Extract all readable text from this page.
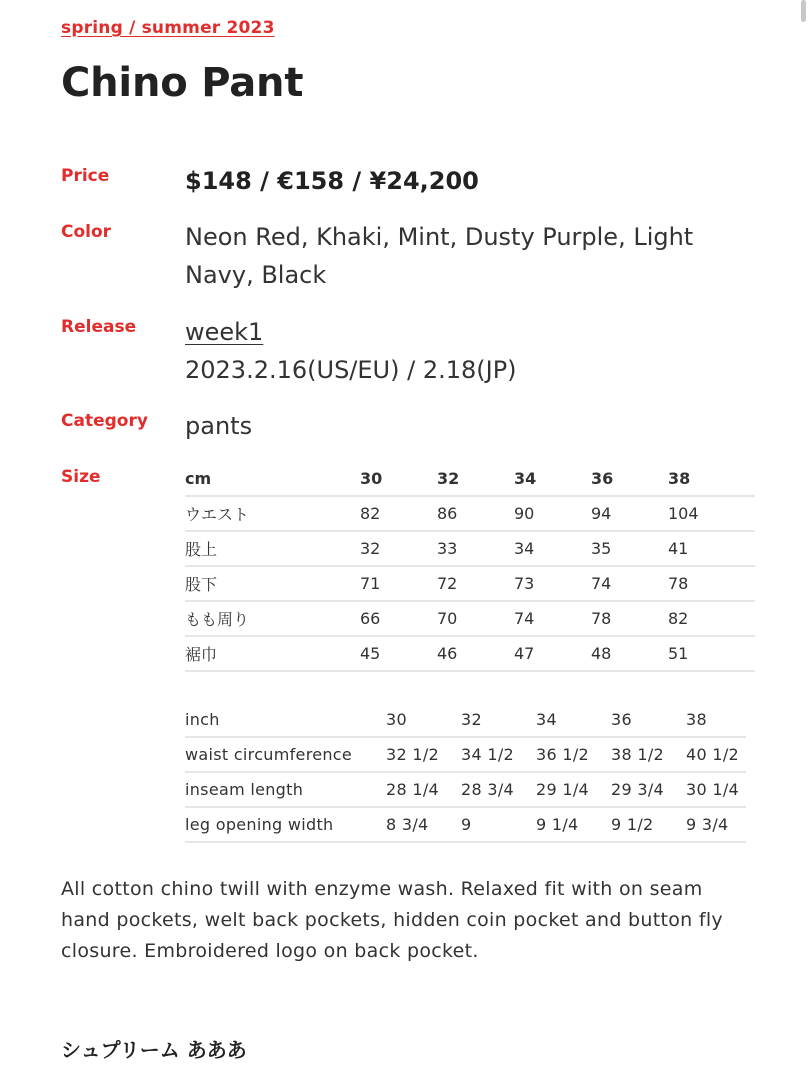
spring / summer 2023
Chino Pant
Price	$148 / €158 / ¥24,200
Color	Neon Red, Khaki, Mint, Dusty Purple, Light
Navy, Black
Release week1
2023.2.16(US/EU) / 2.18(JP)
Category pants
Size	cm	30	32	34	36	38
ウエスト	82	86	90	94	104
股上	32	33	34	35	41
股下	71	72	73	74	78
もも周り	66	70	74	78	82
裾巾	45	46	47	48	51
inch	30	32	34	36	38
waist circumference	32 1/2	34 1/2	36 1/2	38 1/2	40 1/2
inseam length	28 1/4	28 3/4	29 1/4	29 3/4	30 1/4
leg opening width	8 3/4	9	9 1/4	9 1/2	9 3/4

All cotton chino twill with enzyme wash. Relaxed fit with on seam hand pockets, welt back pockets, hidden coin pocket and button fly closure. Embroidered logo on back pocket.

シュプリーム あああ
